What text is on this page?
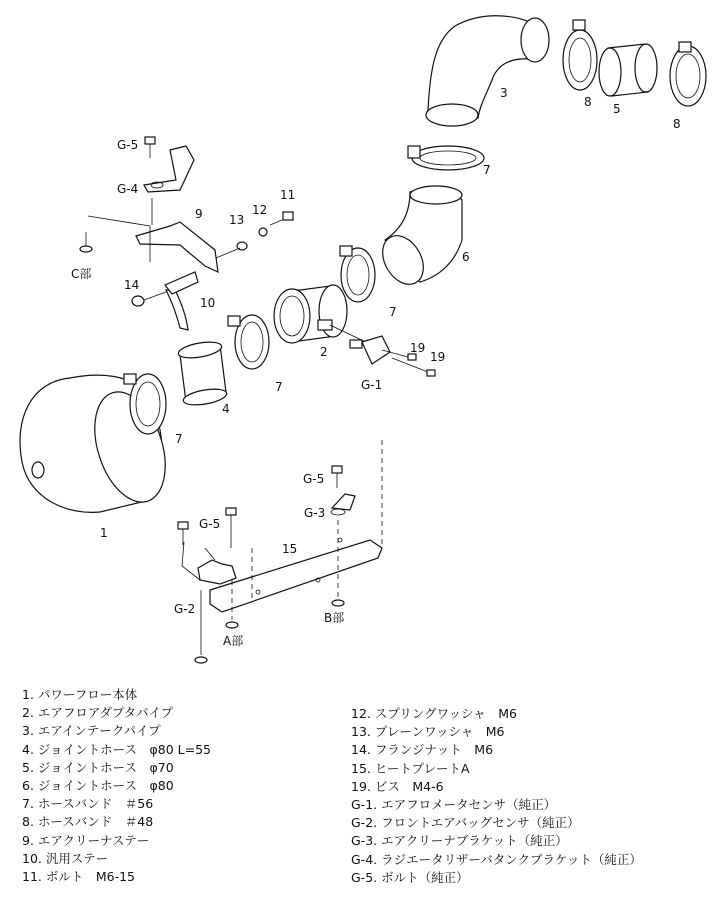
1
2
3
4
5
6
7
7
7
7
8
8
9
10
11
12
13
14
15
19
19
G-1
G-2
G-3
G-4
G-5
G-5
G-5
A部
B部
C部
1. パワーフロー本体
2. エアフロアダプタパイプ
3. エアインテークパイプ
4. ジョイントホース　φ80 L=55
5. ジョイントホース　φ70
6. ジョイントホース　φ80
7. ホースバンド　＃56
8. ホースバンド　＃48
9. エアクリーナステー
10. 汎用ステー
11. ボルト　M6-15
12. スプリングワッシャ　M6
13. プレーンワッシャ　M6
14. フランジナット　M6
15. ヒートプレートA
19. ビス　M4-6
G-1. エアフロメータセンサ（純正）
G-2. フロントエアバッグセンサ（純正）
G-3. エアクリーナブラケット（純正）
G-4. ラジエータリザーバタンクブラケット（純正）
G-5. ボルト（純正）
